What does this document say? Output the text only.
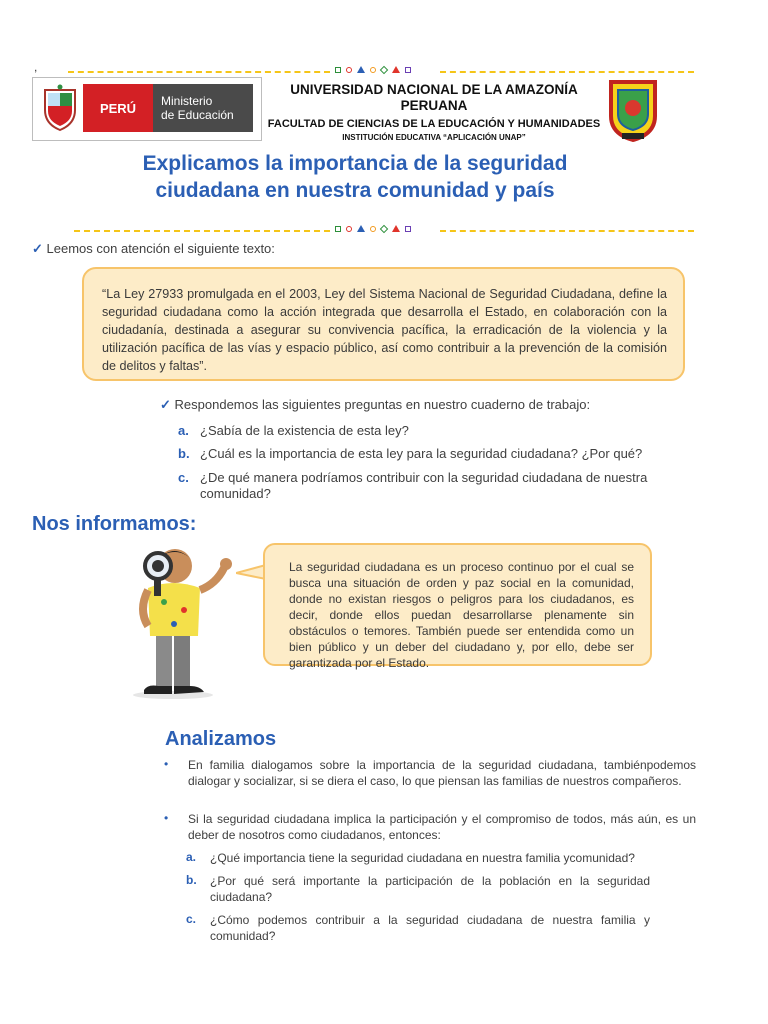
,
PERÚ	Ministerio
de Educación
UNIVERSIDAD NACIONAL DE LA AMAZONÍA PERUANA
FACULTAD DE CIENCIAS DE LA EDUCACIÓN Y HUMANIDADES
INSTITUCIÓN EDUCATIVA “APLICACIÓN UNAP”
Explicamos la importancia de la seguridad
ciudadana en nuestra comunidad y país
✓ Leemos con atención el siguiente texto:
“La Ley 27933 promulgada en el 2003, Ley del Sistema Nacional de Seguridad Ciudadana, define la seguridad ciudadana como la acción integrada que desarrolla el Estado, en colaboración con la ciudadanía, destinada a asegurar su convivencia pacífica, la erradicación de la violencia y la utilización pacífica de las vías y espacio público, así como contribuir a la prevención de la comisión de delitos y faltas”.
✓ Respondemos las siguientes preguntas en nuestro cuaderno de trabajo:
a. ¿Sabía de la existencia de esta ley?
b. ¿Cuál es la importancia de esta ley para la seguridad ciudadana? ¿Por qué?
c. ¿De qué manera podríamos contribuir con la seguridad ciudadana de nuestra comunidad?
Nos informamos:
La seguridad ciudadana es un proceso continuo por el cual se busca una situación de orden y paz social en la comunidad, donde no existan riesgos o peligros para los ciudadanos, es decir, donde ellos puedan desarrollarse plenamente sin obstáculos o temores. También puede ser entendida como un bien público y un deber del ciudadano y, por ello, debe ser garantizada por el Estado.
Analizamos
• En familia dialogamos sobre la importancia de la seguridad ciudadana, tambiénpodemos dialogar y socializar, si se diera el caso, lo que piensan las familias de nuestros compañeros.
• Si la seguridad ciudadana implica la participación y el compromiso de todos, más aún, es un deber de nosotros como ciudadanos, entonces:
a. ¿Qué importancia tiene la seguridad ciudadana en nuestra familia ycomunidad?
b. ¿Por qué será importante la participación de la población en la seguridad ciudadana?
c. ¿Cómo podemos contribuir a la seguridad ciudadana de nuestra familia y comunidad?
